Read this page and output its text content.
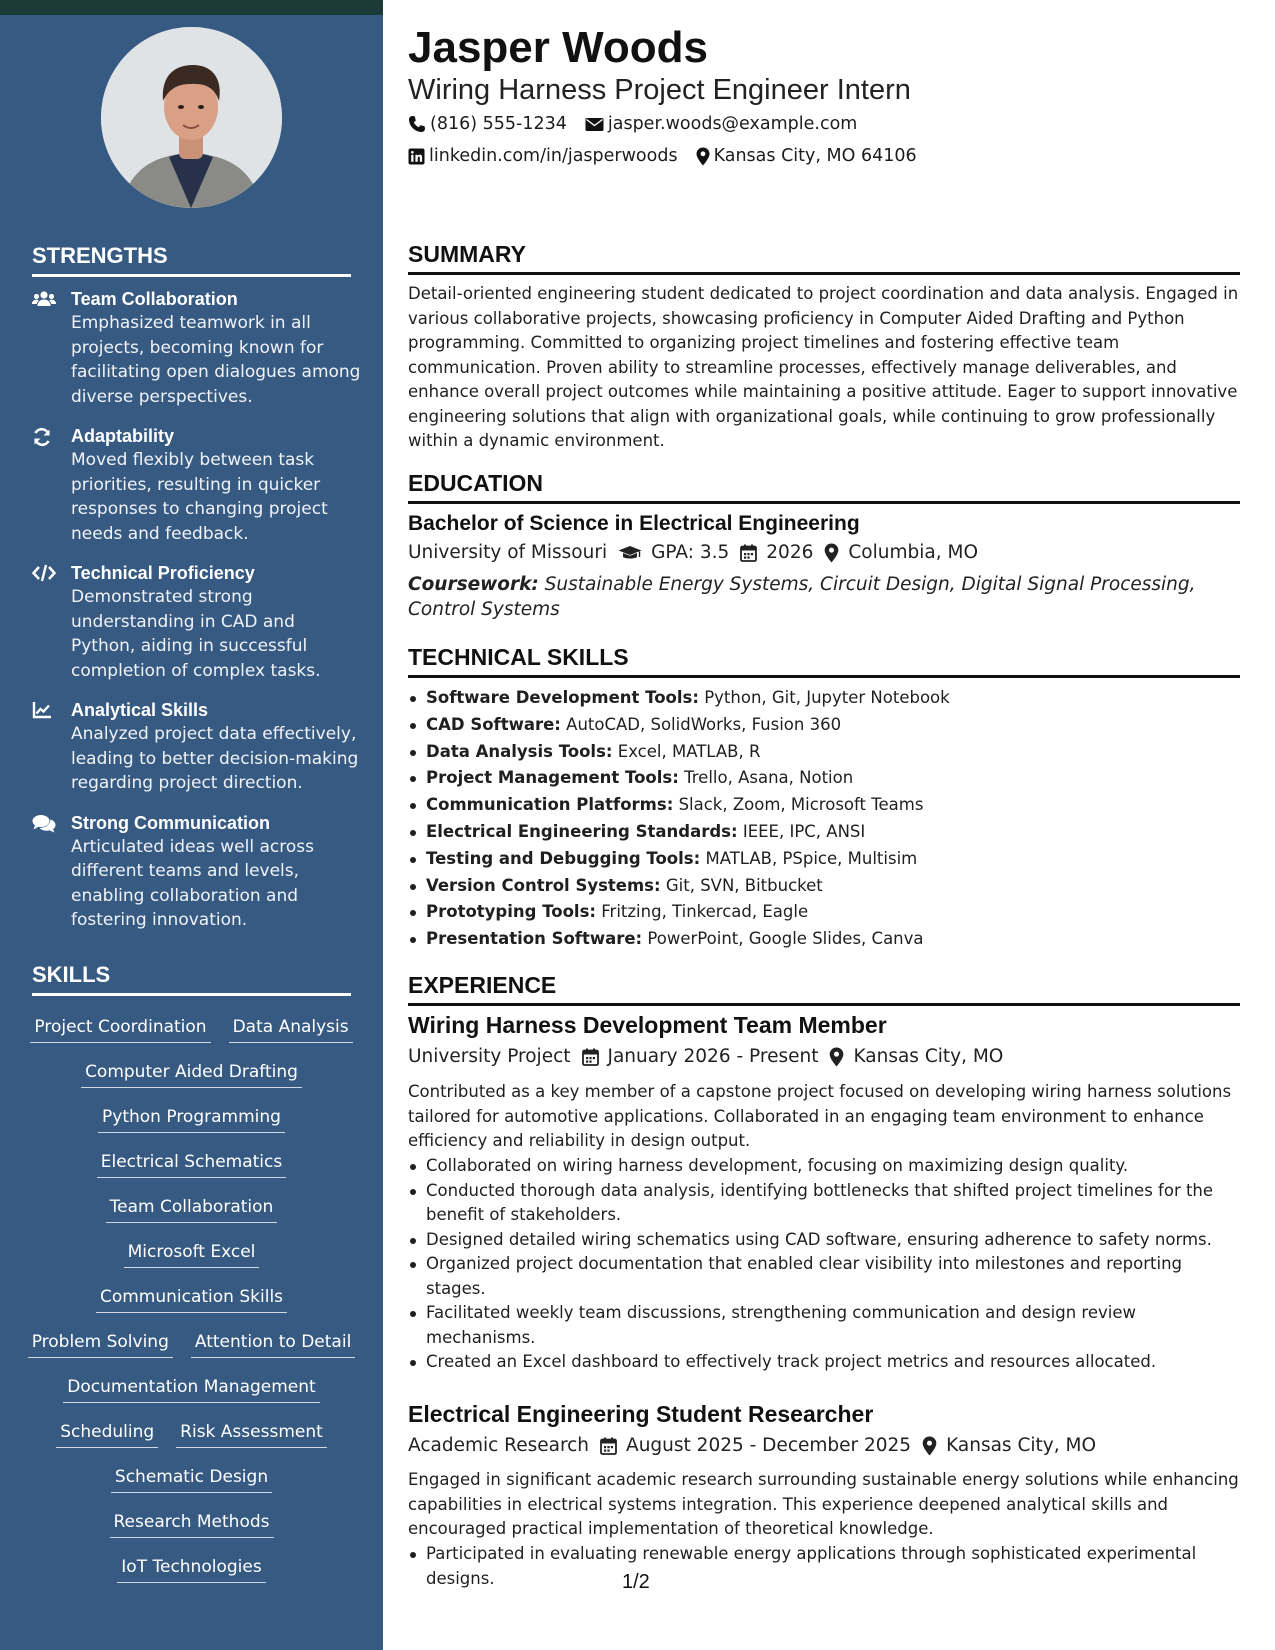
STRENGTHS
Team Collaboration
Emphasized teamwork in all projects, becoming known for facilitating open dialogues among diverse perspectives.
Adaptability
Moved flexibly between task priorities, resulting in quicker responses to changing project needs and feedback.
Technical Proficiency
Demonstrated strong understanding in CAD and Python, aiding in successful completion of complex tasks.
Analytical Skills
Analyzed project data effectively, leading to better decision-making regarding project direction.
Strong Communication
Articulated ideas well across different teams and levels, enabling collaboration and fostering innovation.
SKILLS
Project Coordination Data Analysis
Computer Aided Drafting
Python Programming
Electrical Schematics
Team Collaboration
Microsoft Excel
Communication Skills
Problem Solving Attention to Detail
Documentation Management
Scheduling Risk Assessment
Schematic Design
Research Methods
IoT Technologies
Jasper Woods
Wiring Harness Project Engineer Intern
(816) 555-1234 jasper.woods@example.com
linkedin.com/in/jasperwoods Kansas City, MO 64106
SUMMARY

Detail-oriented engineering student dedicated to project coordination and data analysis. Engaged in various collaborative projects, showcasing proficiency in Computer Aided Drafting and Python programming. Committed to organizing project timelines and fostering effective team communication. Proven ability to streamline processes, effectively manage deliverables, and enhance overall project outcomes while maintaining a positive attitude. Eager to support innovative engineering solutions that align with organizational goals, while continuing to grow professionally within a dynamic environment.

EDUCATION
Bachelor of Science in Electrical Engineering
University of Missouri GPA: 3.5 2026 Columbia, MO

Coursework: Sustainable Energy Systems, Circuit Design, Digital Signal Processing, Control Systems

TECHNICAL SKILLS
Software Development Tools: Python, Git, Jupyter Notebook
CAD Software: AutoCAD, SolidWorks, Fusion 360
Data Analysis Tools: Excel, MATLAB, R
Project Management Tools: Trello, Asana, Notion
Communication Platforms: Slack, Zoom, Microsoft Teams
Electrical Engineering Standards: IEEE, IPC, ANSI
Testing and Debugging Tools: MATLAB, PSpice, Multisim
Version Control Systems: Git, SVN, Bitbucket
Prototyping Tools: Fritzing, Tinkercad, Eagle
Presentation Software: PowerPoint, Google Slides, Canva
EXPERIENCE
Wiring Harness Development Team Member
University Project January 2026 - Present Kansas City, MO

Contributed as a key member of a capstone project focused on developing wiring harness solutions tailored for automotive applications. Collaborated in an engaging team environment to enhance efficiency and reliability in design output.

Collaborated on wiring harness development, focusing on maximizing design quality.
Conducted thorough data analysis, identifying bottlenecks that shifted project timelines for the benefit of stakeholders.
Designed detailed wiring schematics using CAD software, ensuring adherence to safety norms.
Organized project documentation that enabled clear visibility into milestones and reporting stages.
Facilitated weekly team discussions, strengthening communication and design review mechanisms.
Created an Excel dashboard to effectively track project metrics and resources allocated.
Electrical Engineering Student Researcher
Academic Research August 2025 - December 2025 Kansas City, MO

Engaged in significant academic research surrounding sustainable energy solutions while enhancing capabilities in electrical systems integration. This experience deepened analytical skills and encouraged practical implementation of theoretical knowledge.

Participated in evaluating renewable energy applications through sophisticated experimental designs.	1/2
